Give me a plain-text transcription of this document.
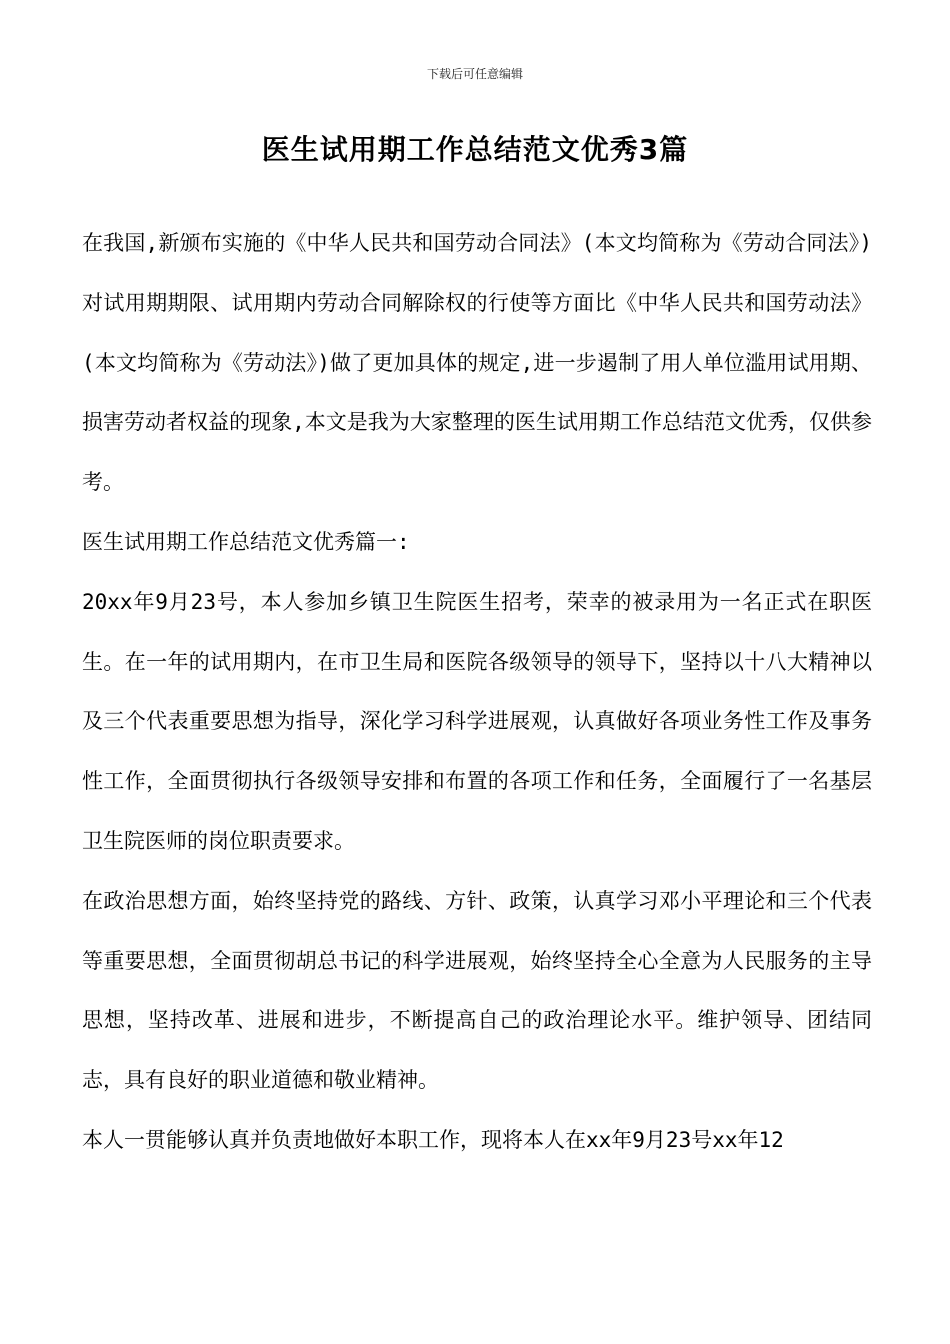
下载后可任意编辑
医生试用期工作总结范文优秀3篇

在我国,新颁布实施的《中华人民共和国劳动合同法》(本文均简称为《劳动合同法》)对试用期期限、试用期内劳动合同解除权的行使等方面比《中华人民共和国劳动法》(本文均简称为《劳动法》)做了更加具体的规定,进一步遏制了用人单位滥用试用期、损害劳动者权益的现象,本文是我为大家整理的医生试用期工作总结范文优秀，仅供参考。

医生试用期工作总结范文优秀篇一:

20xx年9月23号，本人参加乡镇卫生院医生招考，荣幸的被录用为一名正式在职医生。在一年的试用期内，在市卫生局和医院各级领导的领导下，坚持以十八大精神以及三个代表重要思想为指导，深化学习科学进展观，认真做好各项业务性工作及事务性工作，全面贯彻执行各级领导安排和布置的各项工作和任务，全面履行了一名基层卫生院医师的岗位职责要求。

在政治思想方面，始终坚持党的路线、方针、政策，认真学习邓小平理论和三个代表等重要思想，全面贯彻胡总书记的科学进展观，始终坚持全心全意为人民服务的主导思想，坚持改革、进展和进步，不断提高自己的政治理论水平。维护领导、团结同志，具有良好的职业道德和敬业精神。

本人一贯能够认真并负责地做好本职工作，现将本人在xx年9月23号xx年12
